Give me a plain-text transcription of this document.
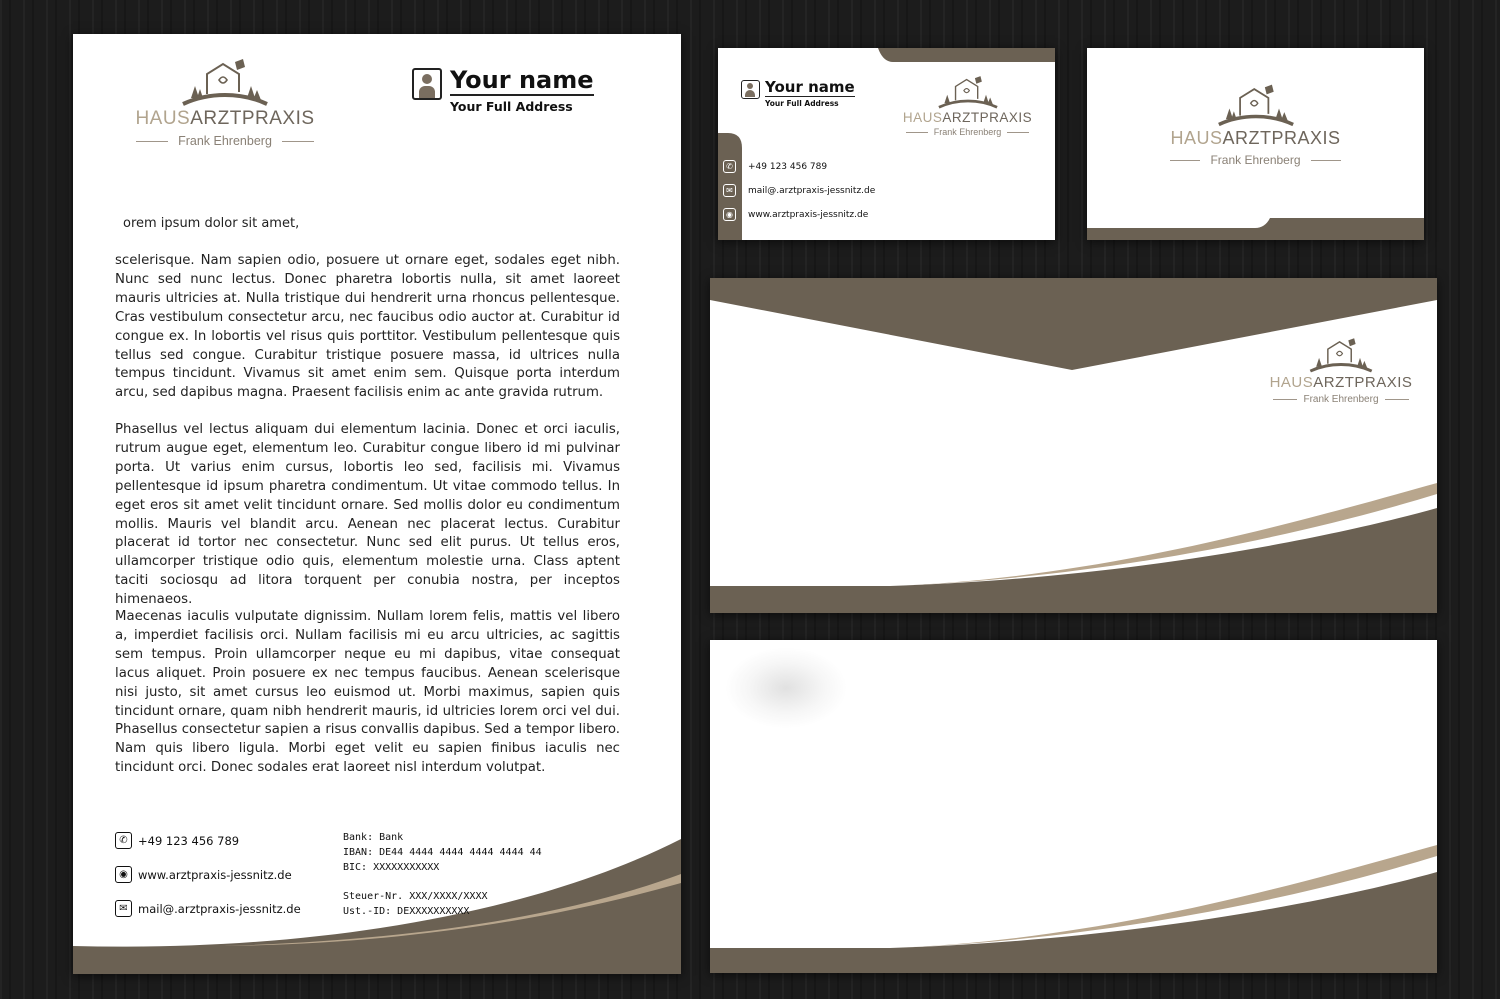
HAUSARZTPRAXIS
Frank Ehrenberg
Your name
Your Full Address
orem ipsum dolor sit amet,

scelerisque. Nam sapien odio, posuere ut ornare eget, sodales eget nibh. Nunc sed nunc lectus. Donec pharetra lobortis nulla, sit amet laoreet mauris ultricies at. Nulla tristique dui hendrerit urna rhoncus pellentesque. Cras vestibulum consectetur arcu, nec faucibus odio auctor at. Curabitur id congue ex. In lobortis vel risus quis porttitor. Vestibulum pellentesque quis tellus sed congue. Curabitur tristique posuere massa, id ultrices nulla tempus tincidunt. Vivamus sit amet enim sem. Quisque porta interdum arcu, sed dapibus magna. Praesent facilisis enim ac ante gravida rutrum.

Phasellus vel lectus aliquam dui elementum lacinia. Donec et orci iaculis, rutrum augue eget, elementum leo. Curabitur congue libero id mi pulvinar porta. Ut varius enim cursus, lobortis leo sed, facilisis mi. Vivamus pellentesque id ipsum pharetra condimentum. Ut vitae commodo tellus. In eget eros sit amet velit tincidunt ornare. Sed mollis dolor eu condimentum mollis. Mauris vel blandit arcu. Aenean nec placerat lectus. Curabitur placerat id tortor nec consectetur. Nunc sed elit purus. Ut tellus eros, ullamcorper tristique odio quis, elementum molestie urna. Class aptent taciti sociosqu ad litora torquent per conubia nostra, per inceptos himenaeos.

Maecenas iaculis vulputate dignissim. Nullam lorem felis, mattis vel libero a, imperdiet facilisis orci. Nullam facilisis mi eu arcu ultricies, ac sagittis sem tempus. Proin ullamcorper neque eu mi dapibus, vitae consequat lacus aliquet. Proin posuere ex nec tempus faucibus. Aenean scelerisque nisi justo, sit amet cursus leo euismod ut. Morbi maximus, sapien quis tincidunt ornare, quam nibh hendrerit mauris, id ultricies lorem orci vel dui. Phasellus consectetur sapien a risus convallis dapibus. Sed a tempor libero. Nam quis libero ligula. Morbi eget velit eu sapien finibus iaculis nec tincidunt orci. Donec sodales erat laoreet nisl interdum volutpat.

✆ +49 123 456 789
◉ www.arztpraxis-jessnitz.de
✉ mail@.arztpraxis-jessnitz.de
Bank: Bank
IBAN: DE44 4444 4444 4444 4444 44
BIC: XXXXXXXXXXX
Steuer-Nr. XXX/XXXX/XXXX
Ust.-ID: DEXXXXXXXXXX
Your name
Your Full Address
HAUSARZTPRAXIS
Frank Ehrenberg
✆ +49 123 456 789
✉ mail@.arztpraxis-jessnitz.de
◉ www.arztpraxis-jessnitz.de
HAUSARZTPRAXIS
Frank Ehrenberg
HAUSARZTPRAXIS
Frank Ehrenberg
